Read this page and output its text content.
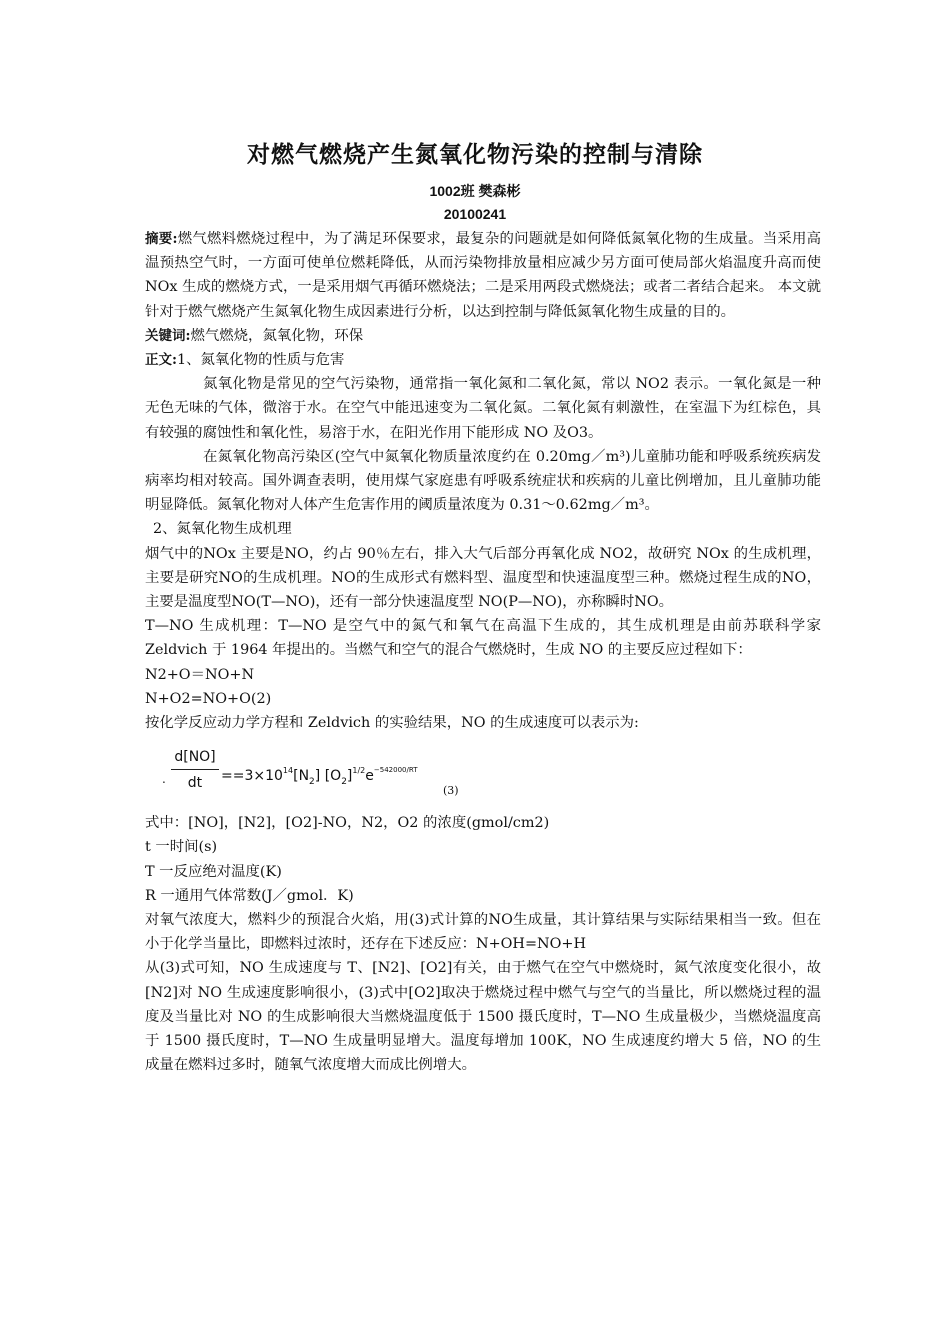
对燃气燃烧产生氮氧化物污染的控制与清除
1002班 樊森彬
20100241

摘要:燃气燃料燃烧过程中，为了满足环保要求，最复杂的问题就是如何降低氮氧化物的生成量。当采用高温预热空气时，一方面可使单位燃耗降低，从而污染物排放量相应减少另方面可使局部火焰温度升高而使 NOx 生成的燃烧方式，一是采用烟气再循环燃烧法；二是采用两段式燃烧法；或者二者结合起来。 本文就针对于燃气燃烧产生氮氧化物生成因素进行分析，以达到控制与降低氮氧化物生成量的目的。

关键词:燃气燃烧，氮氧化物，环保

正文:1、氮氧化物的性质与危害

氮氧化物是常见的空气污染物，通常指一氧化氮和二氧化氮，常以 NO2 表示。一氧化氮是一种无色无味的气体，微溶于水。在空气中能迅速变为二氧化氮。二氧化氮有刺激性，在室温下为红棕色，具有较强的腐蚀性和氧化性，易溶于水，在阳光作用下能形成 NO 及O3。

在氮氧化物高污染区(空气中氮氧化物质量浓度约在 0.20mg／m³)儿童肺功能和呼吸系统疾病发病率均相对较高。国外调查表明，使用煤气家庭患有呼吸系统症状和疾病的儿童比例增加，且儿童肺功能明显降低。氮氧化物对人体产生危害作用的阈质量浓度为 0.31～0.62mg／m³。

2、氮氧化物生成机理

烟气中的NOx 主要是NO，约占 90％左右，排入大气后部分再氧化成 NO2，故研究 NOx 的生成机理，主要是研究NO的生成机理。NO的生成形式有燃料型、温度型和快速温度型三种。燃烧过程生成的NO，主要是温度型NO(T—NO)，还有一部分快速温度型 NO(P—NO)，亦称瞬时NO。

T—NO 生成机理：T—NO 是空气中的氮气和氧气在高温下生成的，其生成机理是由前苏联科学家 Zeldvich 于 1964 年提出的。当燃气和空气的混合气燃烧时，生成 NO 的主要反应过程如下：

N2+O＝NO+N

N+O2=NO+O(2)

按化学反应动力学方程和 Zeldvich 的实验结果，NO 的生成速度可以表示为:

. $\frac{d[NO]}{dt} ==3\times 10^{14}[N_2]$ $[O_2]^{1/2}e^{-542000/RT}$
(3)

式中：[NO]，[N2]，[O2]-NO，N2，O2 的浓度(gmol/cm2)

t 一时间(s)

T 一反应绝对温度(K)

R 一通用气体常数(J／gmol．K)

对氧气浓度大，燃料少的预混合火焰，用(3)式计算的NO生成量，其计算结果与实际结果相当一致。但在小于化学当量比，即燃料过浓时，还存在下述反应：N+OH=NO+H

从(3)式可知，NO 生成速度与 T、[N2]、[O2]有关，由于燃气在空气中燃烧时，氮气浓度变化很小，故[N2]对 NO 生成速度影响很小，(3)式中[O2]取决于燃烧过程中燃气与空气的当量比，所以燃烧过程的温度及当量比对 NO 的生成影响很大当燃烧温度低于 1500 摄氏度时，T—NO 生成量极少，当燃烧温度高于 1500 摄氏度时，T—NO 生成量明显增大。温度每增加 100K，NO 生成速度约增大 5 倍，NO 的生成量在燃料过多时，随氧气浓度增大而成比例增大。
